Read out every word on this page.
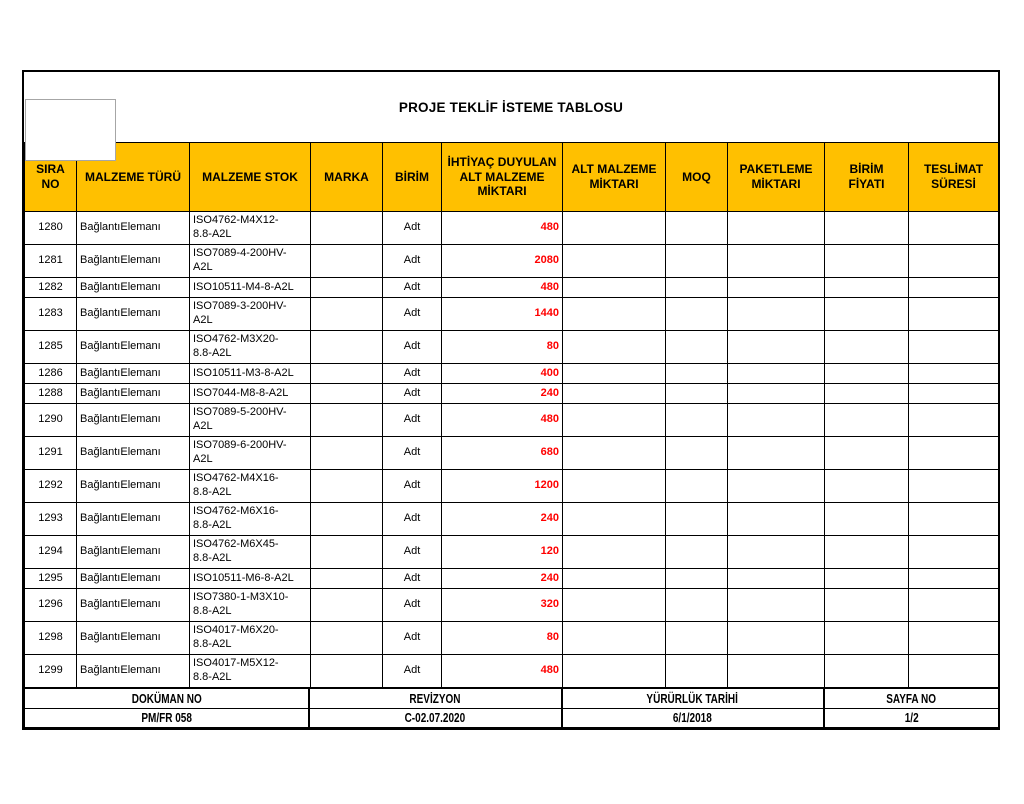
PROJE TEKLİF İSTEME TABLOSU
SIRA NO	MALZEME TÜRÜ	MALZEME STOK	MARKA	BİRİM	İHTİYAÇ DUYULAN ALT MALZEME MİKTARI	ALT MALZEME MİKTARI	MOQ	PAKETLEME MİKTARI	BİRİM FİYATI	TESLİMAT SÜRESİ
1280	BağlantıElemanı	ISO4762-M4X12-
8.8-A2L		Adt	480					
1281	BağlantıElemanı	ISO7089-4-200HV-
A2L		Adt	2080					
1282	BağlantıElemanı	ISO10511-M4-8-A2L		Adt	480					
1283	BağlantıElemanı	ISO7089-3-200HV-
A2L		Adt	1440					
1285	BağlantıElemanı	ISO4762-M3X20-
8.8-A2L		Adt	80					
1286	BağlantıElemanı	ISO10511-M3-8-A2L		Adt	400					
1288	BağlantıElemanı	ISO7044-M8-8-A2L		Adt	240					
1290	BağlantıElemanı	ISO7089-5-200HV-
A2L		Adt	480					
1291	BağlantıElemanı	ISO7089-6-200HV-
A2L		Adt	680					
1292	BağlantıElemanı	ISO4762-M4X16-
8.8-A2L		Adt	1200					
1293	BağlantıElemanı	ISO4762-M6X16-
8.8-A2L		Adt	240					
1294	BağlantıElemanı	ISO4762-M6X45-
8.8-A2L		Adt	120					
1295	BağlantıElemanı	ISO10511-M6-8-A2L		Adt	240					
1296	BağlantıElemanı	ISO7380-1-M3X10-
8.8-A2L		Adt	320					
1298	BağlantıElemanı	ISO4017-M6X20-
8.8-A2L		Adt	80					
1299	BağlantıElemanı	ISO4017-M5X12-
8.8-A2L		Adt	480					
DOKÜMAN NO	REVİZYON	YÜRÜRLÜK TARİHİ	SAYFA NO
PM/FR 058	C-02.07.2020	6/1/2018	1/2
